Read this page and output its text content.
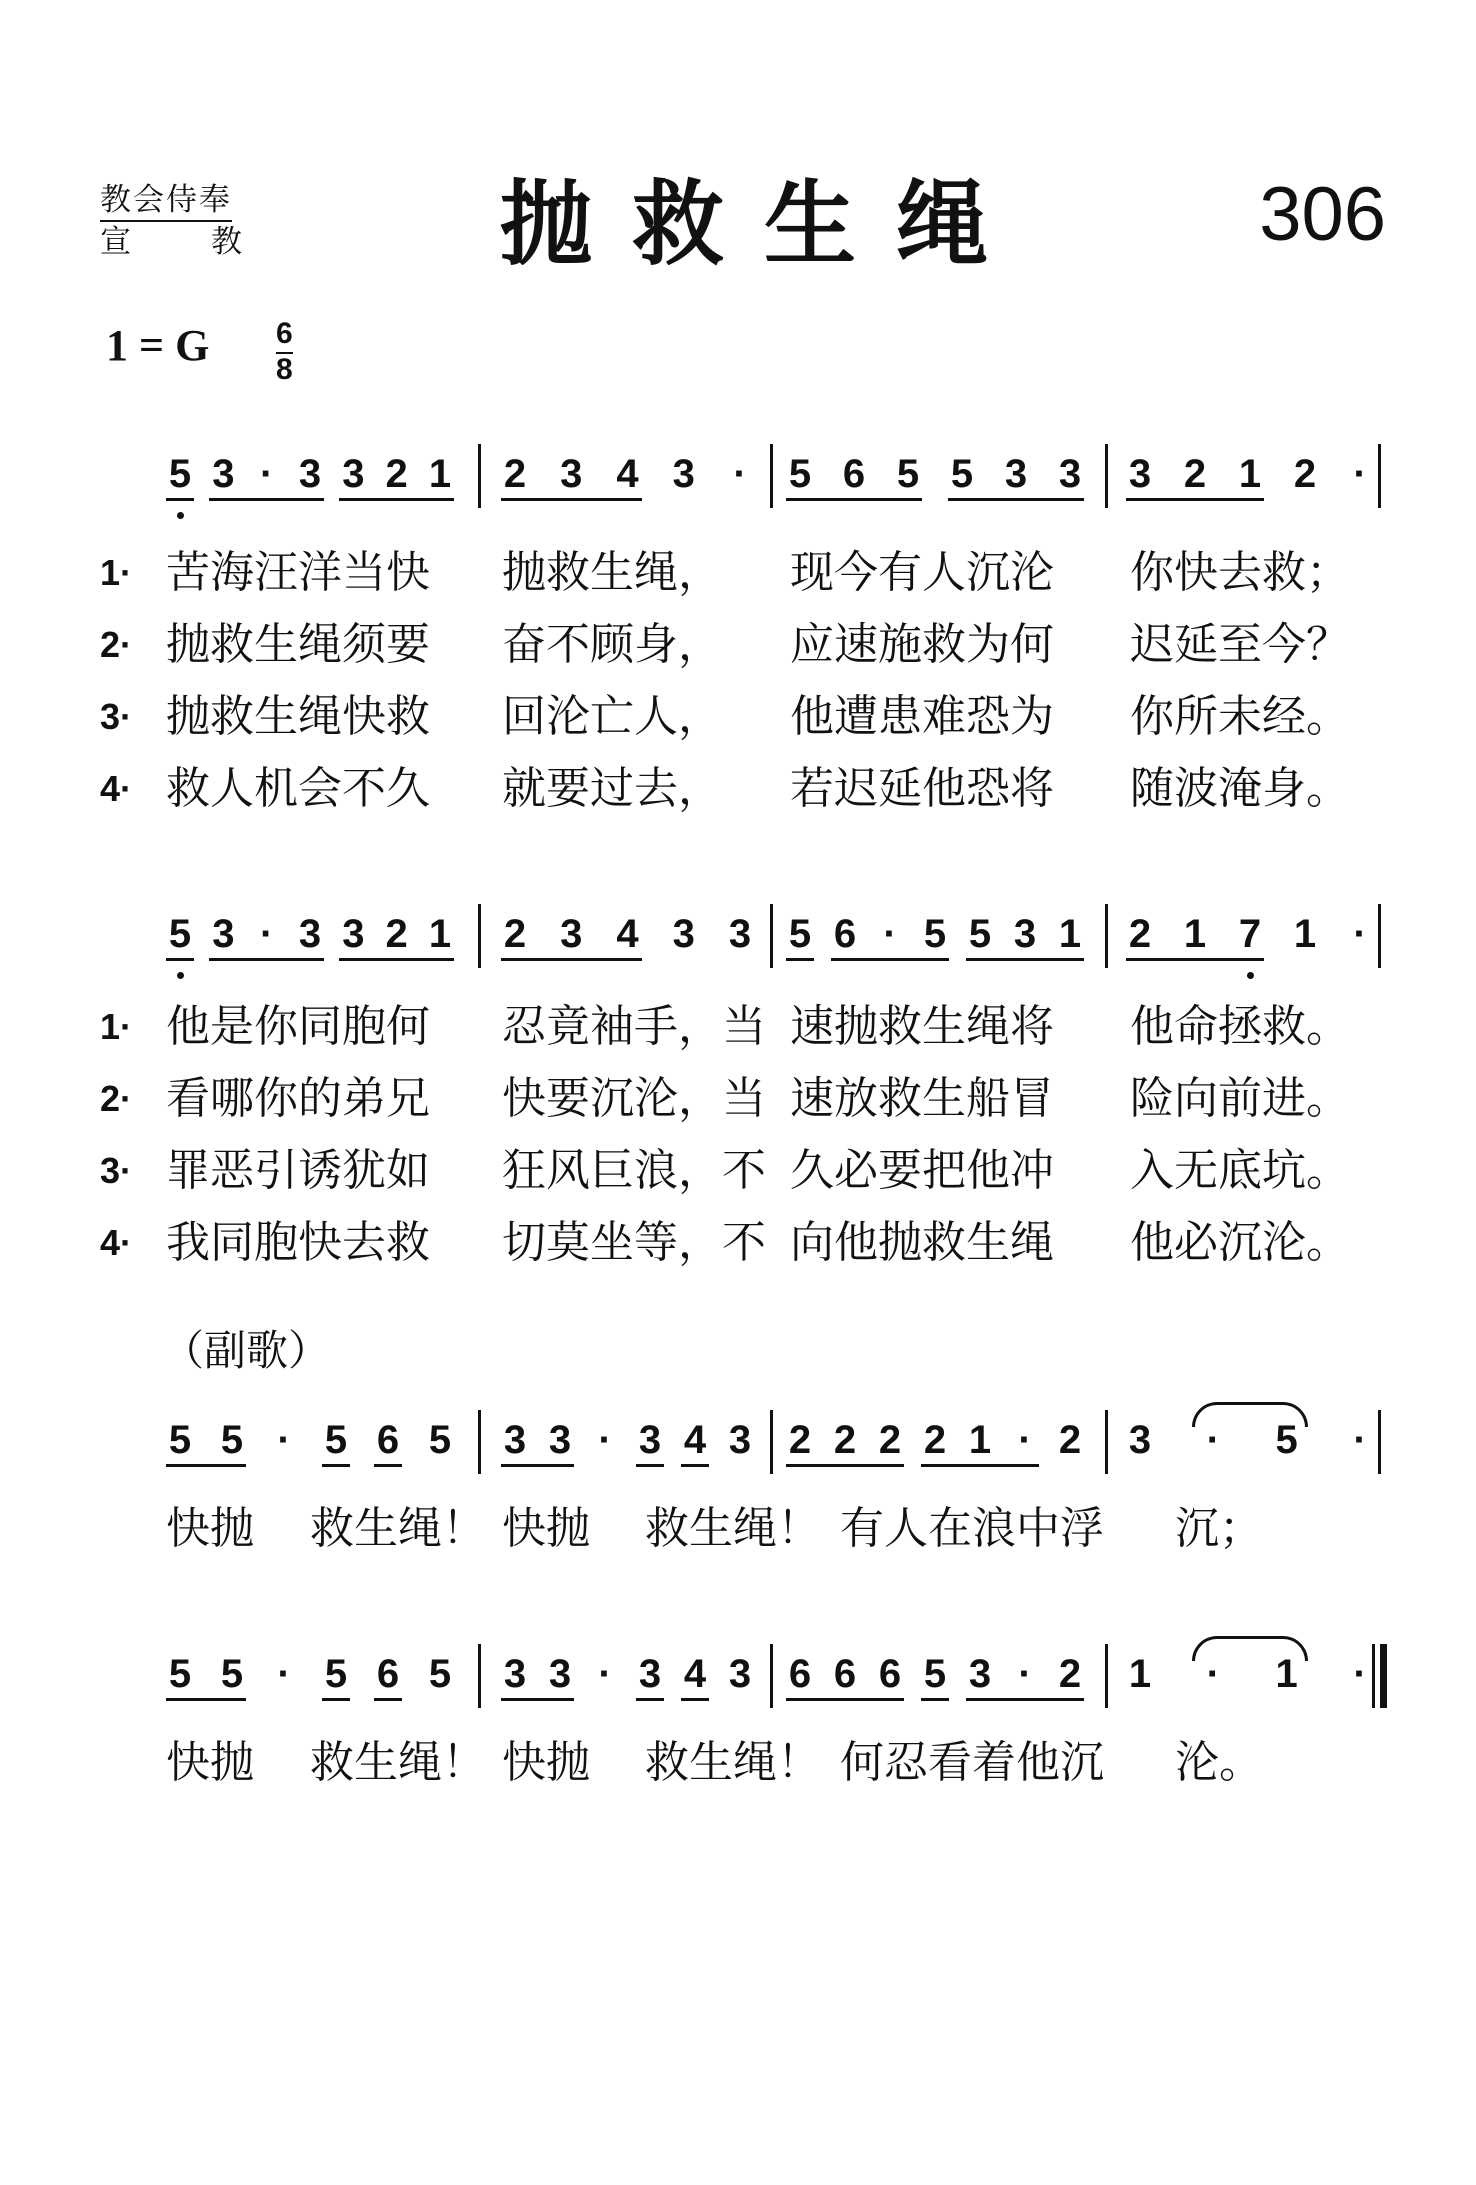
教会侍奉

宣	教	抛救生绳	306
1 = G 6
8
5 3 · 3 3 2 1 2 3 4 3 · 5 6 5 5 3 3 3 2 1 2 ·
1· 苦海汪洋当快 抛救生绳， 现今有人沉沦 你快去救；
2· 抛救生绳须要 奋不顾身， 应速施救为何 迟延至今？
3· 抛救生绳快救 回沦亡人， 他遭患难恐为 你所未经。
4· 救人机会不久 就要过去， 若迟延他恐将 随波淹身。
5 3 · 3 3 2 1 2 3 4 3 3 5 6 · 5 5 3 1 2 1 7 1 ·
1· 他是你同胞何 忍竟袖手，当 速抛救生绳将 他命拯救。
2· 看哪你的弟兄 快要沉沦，当 速放救生船冒 险向前进。
3· 罪恶引诱犹如 狂风巨浪，不 久必要把他冲 入无底坑。
4· 我同胞快去救 切莫坐等，不 向他抛救生绳 他必沉沦。
5 5 · 5 6 5 3 3 · 3 4 3 2 2 2 2 1 · 2 3 · 5 ·
快抛 救生绳！ 快抛 救生绳！ 有人在浪中浮 沉；
5 5 · 5 6 5 3 3 · 3 4 3 6 6 6 5 3 · 2 1 · 1 ·
快抛 救生绳！ 快抛 救生绳！ 何忍看着他沉 沦。
（副歌）
